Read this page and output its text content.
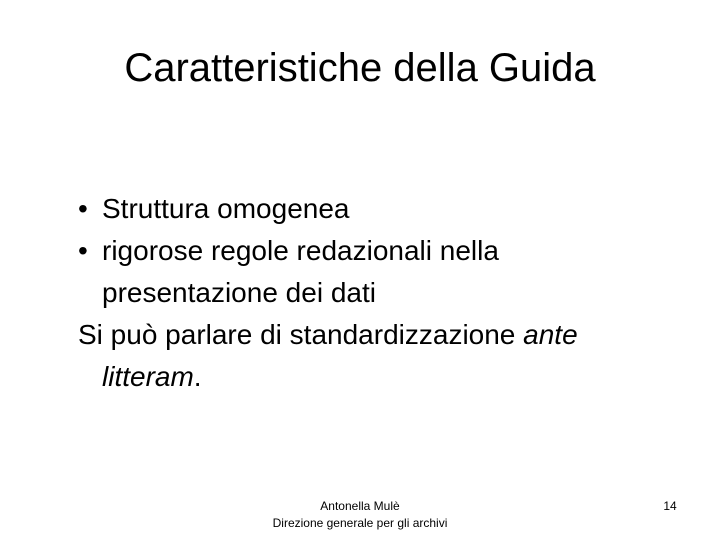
Caratteristiche della Guida
• Struttura omogenea
• rigorose regole redazionali nella
presentazione dei dati
Si può parlare di standardizzazione ante
litteram.
Antonella Mulè
Direzione generale per gli archivi
14
